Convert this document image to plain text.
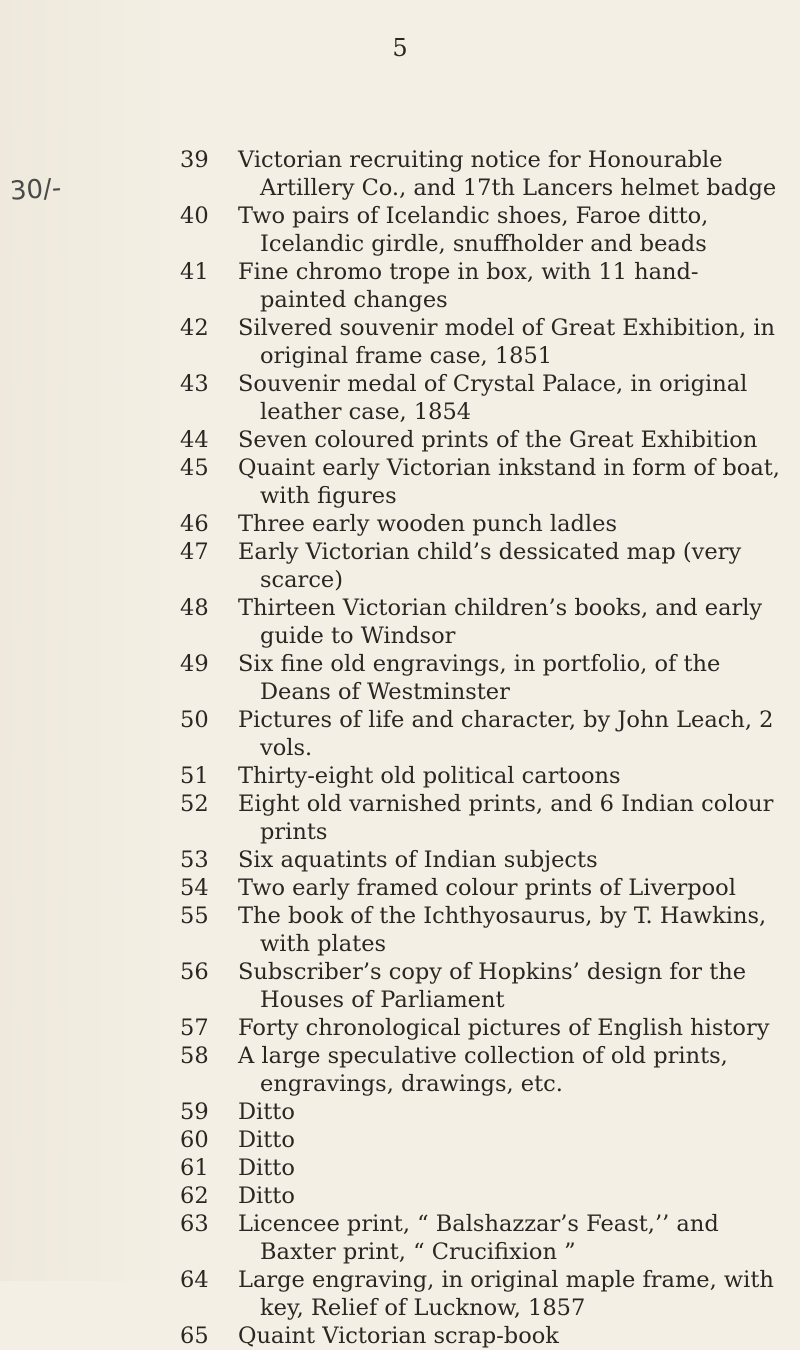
5
30/-
39	Victorian recruiting notice for Honourable Artillery Co., and 17th Lancers helmet badge
40	Two pairs of Icelandic shoes, Faroe ditto, Icelandic girdle, snuffholder and beads
41	Fine chromo trope in box, with 11 hand-painted changes
42	Silvered souvenir model of Great Exhibition, in original frame case, 1851
43	Souvenir medal of Crystal Palace, in original leather case, 1854
44	Seven coloured prints of the Great Exhibition
45	Quaint early Victorian inkstand in form of boat, with figures
46	Three early wooden punch ladles
47	Early Victorian child’s dessicated map (very scarce)
48	Thirteen Victorian children’s books, and early guide to Windsor
49	Six fine old engravings, in portfolio, of the Deans of Westminster
50	Pictures of life and character, by John Leach, 2 vols.
51	Thirty-eight old political cartoons
52	Eight old varnished prints, and 6 Indian colour prints
53	Six aquatints of Indian subjects
54	Two early framed colour prints of Liverpool
55	The book of the Ichthyosaurus, by T. Hawkins, with plates
56	Subscriber’s copy of Hopkins’ design for the Houses of Parliament
57	Forty chronological pictures of English history
58	A large speculative collection of old prints, engravings, drawings, etc.
59	Ditto
60	Ditto
61	Ditto
62	Ditto
63	Licencee print, “ Balshazzar’s Feast,’’ and Baxter print, “ Crucifixion ”
64	Large engraving, in original maple frame, with key, Relief of Lucknow, 1857
65	Quaint Victorian scrap-book
